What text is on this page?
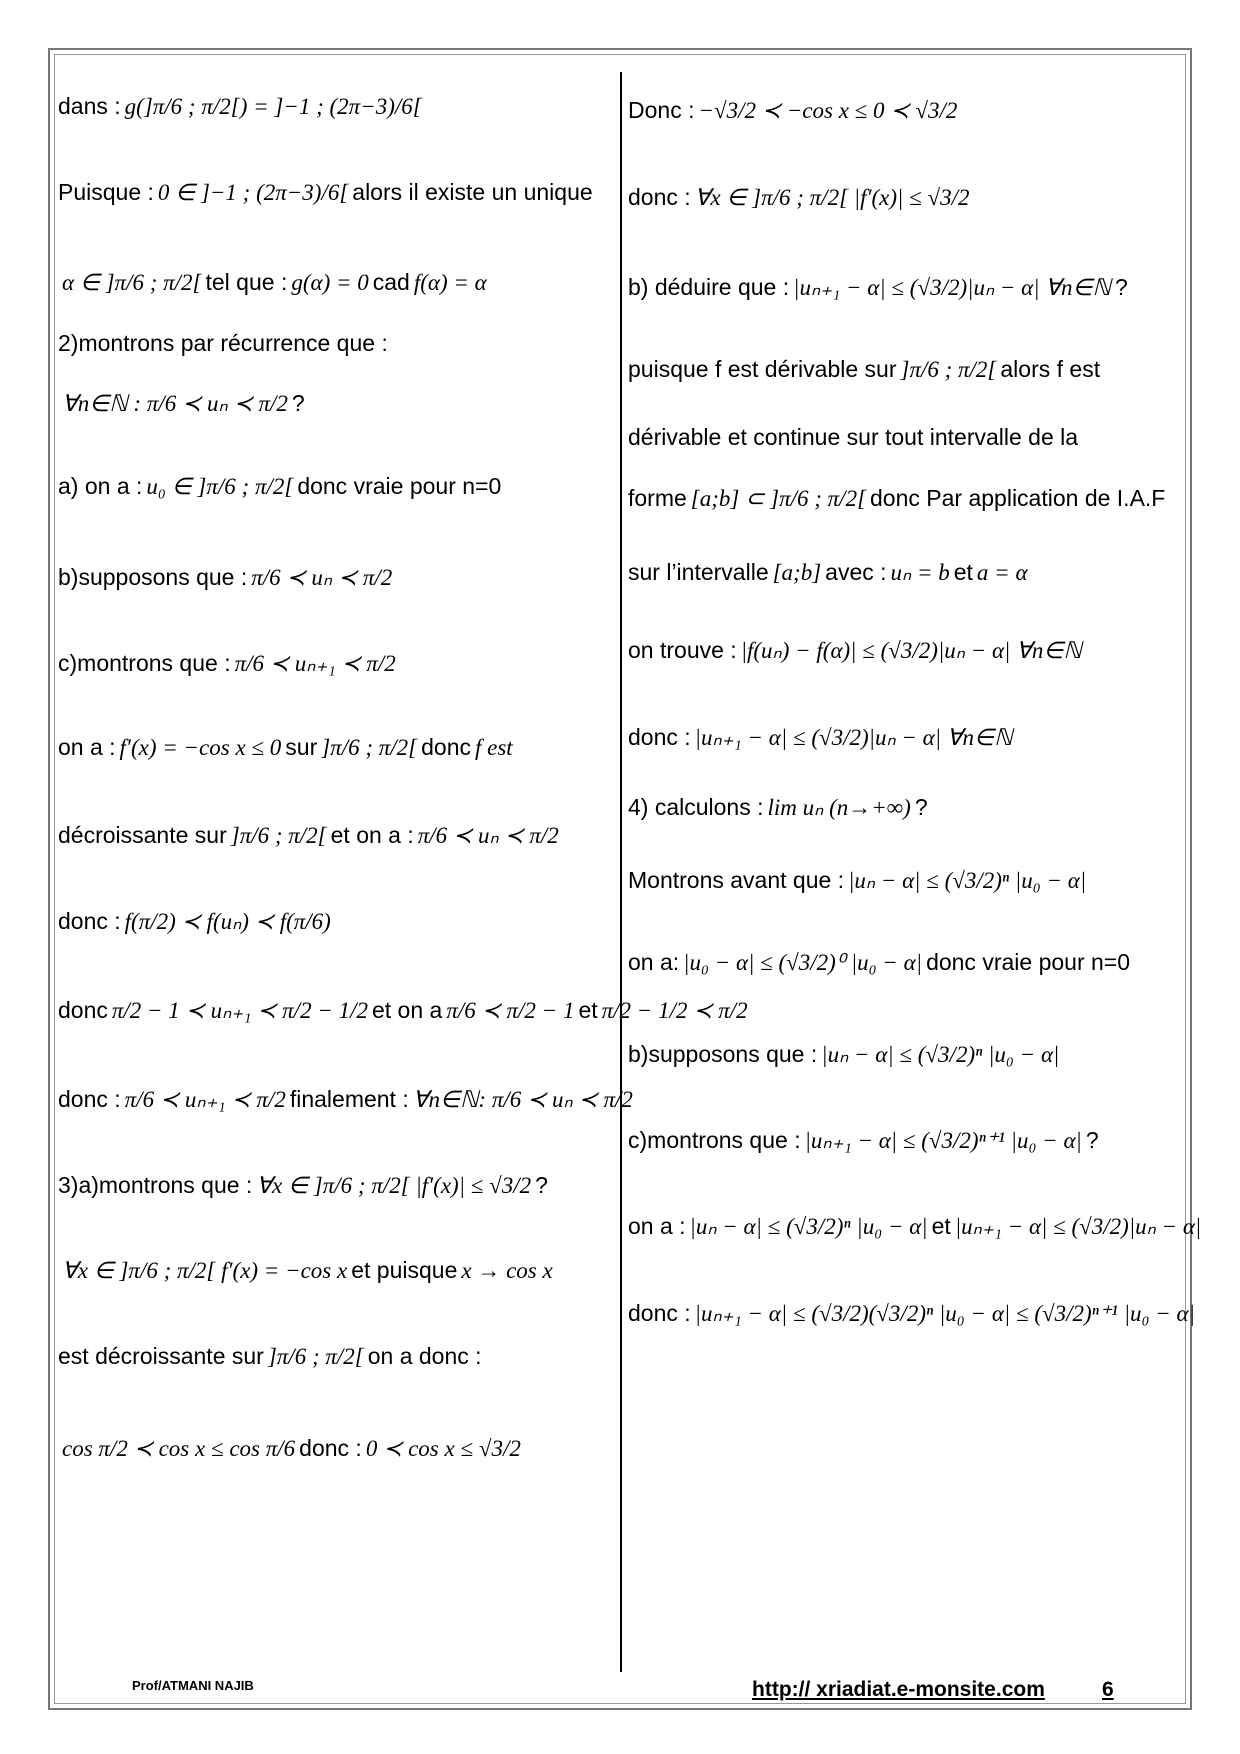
dans : g(]π/6 ; π/2[) = ]−1 ; (2π−3)/6[
Puisque : 0 ∈ ]−1 ; (2π−3)/6[ alors il existe un unique
α ∈ ]π/6 ; π/2[ tel que : g(α) = 0 cad f(α) = α
2)montrons par récurrence que :
∀n∈ℕ : π/6 ≺ uₙ ≺ π/2 ?
a) on a : u₀ ∈ ]π/6 ; π/2[ donc vraie pour n=0
b)supposons que : π/6 ≺ uₙ ≺ π/2
c)montrons que : π/6 ≺ uₙ₊₁ ≺ π/2
on a : f′(x) = −cos x ≤ 0 sur ]π/6 ; π/2[ donc f est
décroissante sur ]π/6 ; π/2[ et on a : π/6 ≺ uₙ ≺ π/2
donc : f(π/2) ≺ f(uₙ) ≺ f(π/6)
donc π/2 − 1 ≺ uₙ₊₁ ≺ π/2 − 1/2 et on a π/6 ≺ π/2 − 1 et π/2 − 1/2 ≺ π/2
donc : π/6 ≺ uₙ₊₁ ≺ π/2 finalement : ∀n∈ℕ: π/6 ≺ uₙ ≺ π/2
3)a)montrons que : ∀x ∈ ]π/6 ; π/2[ |f′(x)| ≤ √3/2 ?
∀x ∈ ]π/6 ; π/2[ f′(x) = −cos x et puisque x → cos x
est décroissante sur ]π/6 ; π/2[ on a donc :
cos π/2 ≺ cos x ≤ cos π/6 donc : 0 ≺ cos x ≤ √3/2
Donc : −√3/2 ≺ −cos x ≤ 0 ≺ √3/2
donc : ∀x ∈ ]π/6 ; π/2[ |f′(x)| ≤ √3/2
b) déduire que : |uₙ₊₁ − α| ≤ (√3/2)|uₙ − α| ∀n∈ℕ ?
puisque f est dérivable sur ]π/6 ; π/2[ alors f est
dérivable et continue sur tout intervalle de la
forme [a;b] ⊂ ]π/6 ; π/2[ donc Par application de I.A.F
sur l’intervalle [a;b] avec : uₙ = b et a = α
on trouve : |f(uₙ) − f(α)| ≤ (√3/2)|uₙ − α| ∀n∈ℕ
donc : |uₙ₊₁ − α| ≤ (√3/2)|uₙ − α| ∀n∈ℕ
4) calculons : lim uₙ (n→+∞) ?
Montrons avant que : |uₙ − α| ≤ (√3/2)ⁿ |u₀ − α|
on a: |u₀ − α| ≤ (√3/2)⁰ |u₀ − α| donc vraie pour n=0
b)supposons que : |uₙ − α| ≤ (√3/2)ⁿ |u₀ − α|
c)montrons que : |uₙ₊₁ − α| ≤ (√3/2)ⁿ⁺¹ |u₀ − α| ?
on a : |uₙ − α| ≤ (√3/2)ⁿ |u₀ − α| et |uₙ₊₁ − α| ≤ (√3/2)|uₙ − α|
donc : |uₙ₊₁ − α| ≤ (√3/2)(√3/2)ⁿ |u₀ − α| ≤ (√3/2)ⁿ⁺¹ |u₀ − α|
Prof/ATMANI NAJIB	http:// xriadiat.e-monsite.com	6
